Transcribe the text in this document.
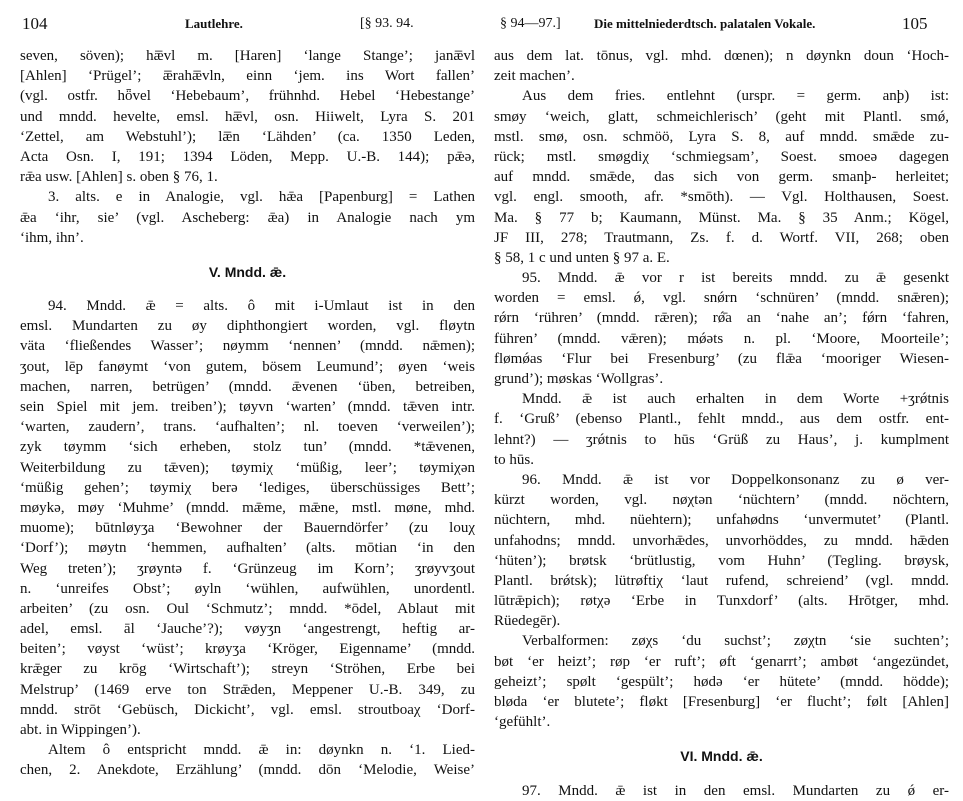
104	Lautlehre.	[§ 93. 94.
seven, söven); hæ̅vl m. [Haren] ‘lange Stange’; janæ̅vl
[Ahlen] ‘Prügel’; æ̅rahæ̅vln, einn ‘jem. ins Wort fallen’
(vgl. ostfr. hȫvel ‘Hebebaum’, frühnhd. Hebel ‘Hebestange’
und mndd. hevelte, emsl. hæ̅vl, osn. Hiiwelt, Lyra S. 201
‘Zettel, am Webstuhl’); læ̅n ‘Lähden’ (ca. 1350 Leden,
Acta Osn. I, 191; 1394 Löden, Mepp. U.-B. 144); pǣə,
rǣa usw. [Ahlen] s. oben § 76, 1.
3. alts. e in Analogie, vgl. hǣa [Papenburg] = Lathen
ǣa ‘ihr, sie’ (vgl. Ascheberg: ǣa) in Analogie nach ym
‘ihm, ihn’.
V. Mndd. ǣ.
94. Mndd. ǣ = alts. ô mit i-Umlaut ist in den
emsl. Mundarten zu øy diphthongiert worden, vgl. fløytn
väta ‘fließendes Wasser’; nøymm ‘nennen’ (mndd. nǣmen);
ʒout, lēp fanøymt ‘von gutem, bösem Leumund’; øyen ‘weis
machen, narren, betrügen’ (mndd. ǣvenen ‘üben, betreiben,
sein Spiel mit jem. treiben’); tøyvn ‘warten’ (mndd. tǣven intr.
‘warten, zaudern’, trans. ‘aufhalten’; nl. toeven ‘verweilen’);
zyk tøymm ‘sich erheben, stolz tun’ (mndd. *tǣvenen,
Weiterbildung zu tǣven); tøymiχ ‘müßig, leer’; tøymiχən
‘müßig gehen’; tøymiχ berə ‘lediges, überschüssiges Bett’;
møykə, møy ‘Muhme’ (mndd. mǣme, mǣne, mstl. møne, mhd.
muome); būtnløyʒa ‘Bewohner der Bauerndörfer’ (zu louχ
‘Dorf’); møytn ‘hemmen, aufhalten’ (alts. mōtian ‘in den
Weg treten’); ʒrøyntə f. ‘Grünzeug im Korn’; ʒrøyvʒout
n. ‘unreifes Obst’; øyln ‘wühlen, aufwühlen, unordentl.
arbeiten’ (zu osn. Oul ‘Schmutz’; mndd. *ōdel, Ablaut mit
adel, emsl. āl ‘Jauche’?); vøyʒn ‘angestrengt, heftig ar-
beiten’; vøyst ‘wüst’; krøyʒa ‘Kröger, Eigenname’ (mndd.
krǣger zu krōg ‘Wirtschaft’); streyn ‘Ströhen, Erbe bei
Melstrup’ (1469 erve ton Strǣden, Meppener U.-B. 349, zu
mndd. strōt ‘Gebüsch, Dickicht’, vgl. emsl. stroutboaχ ‘Dorf-
abt. in Wippingen’).
Altem ô entspricht mndd. ǣ in: døynkn n. ‘1. Lied-
chen, 2. Anekdote, Erzählung’ (mndd. dōn ‘Melodie, Weise’
§ 94—97.]	Die mittelniederdtsch. palatalen Vokale.	105
aus dem lat. tōnus, vgl. mhd. dœnen); n døynkn doun ‘Hoch-
zeit machen’.
Aus dem fries. entlehnt (urspr. = germ. anþ) ist:
smøy ‘weich, glatt, schmeichlerisch’ (geht mit Plantl. smǿ,
mstl. smø, osn. schmöö, Lyra S. 8, auf mndd. smǣde zu-
rück; mstl. smøgdiχ ‘schmiegsam’, Soest. smoeə dagegen
auf mndd. smǣde, das sich von germ. smanþ- herleitet;
vgl. engl. smooth, afr. *smōth). — Vgl. Holthausen, Soest.
Ma. § 77 b; Kaumann, Münst. Ma. § 35 Anm.; Kögel,
JF III, 278; Trautmann, Zs. f. d. Wortf. VII, 268; oben
§ 58, 1 c und unten § 97 a. E.
95. Mndd. ǣ vor r ist bereits mndd. zu ǣ gesenkt
worden = emsl. ǿ, vgl. snǿrn ‘schnüren’ (mndd. snǣren);
rǿrn ‘rühren’ (mndd. rǣren); rǿ̄a an ‘nahe an’; fǿrn ‘fahren,
führen’ (mndd. vǣren); mǿəts n. pl. ‘Moore, Moorteile’;
flømǿas ‘Flur bei Fresenburg’ (zu flǣa ‘mooriger Wiesen-
grund’); møskas ‘Wollgras’.
Mndd. ǣ ist auch erhalten in dem Worte +ʒrǿtnis
f. ‘Gruß’ (ebenso Plantl., fehlt mndd., aus dem ostfr. ent-
lehnt?) — ʒrǿtnis to hūs ‘Grüß zu Haus’, j. kumplment
to hūs.
96. Mndd. ǣ ist vor Doppelkonsonanz zu ø ver-
kürzt worden, vgl. nøχtən ‘nüchtern’ (mndd. nöchtern,
nüchtern, mhd. nüehtern); unfahødns ‘unvermutet’ (Plantl.
unfahodns; mndd. unvorhǣdes, unvorhöddes, zu mndd. hǣden
‘hüten’); brøtsk ‘brütlustig, vom Huhn’ (Tegling. brøysk,
Plantl. brǿtsk); lütrøftiχ ‘laut rufend, schreiend’ (vgl. mndd.
lūtrǣpich); røtχə ‘Erbe in Tunxdorf’ (alts. Hrōtger, mhd.
Rüedegēr).
Verbalformen: zøχs ‘du suchst’; zøχtn ‘sie suchten’;
bøt ‘er heizt’; røp ‘er ruft’; øft ‘genarrt’; ambøt ‘angezündet,
geheizt’; spølt ‘gespült’; hødə ‘er hütete’ (mndd. hödde);
bløda ‘er blutete’; fløkt [Fresenburg] ‘er flucht’; følt [Ahlen]
‘gefühlt’.
VI. Mndd. ǣ.
97. Mndd. ǣ ist in den emsl. Mundarten zu ǿ er-
